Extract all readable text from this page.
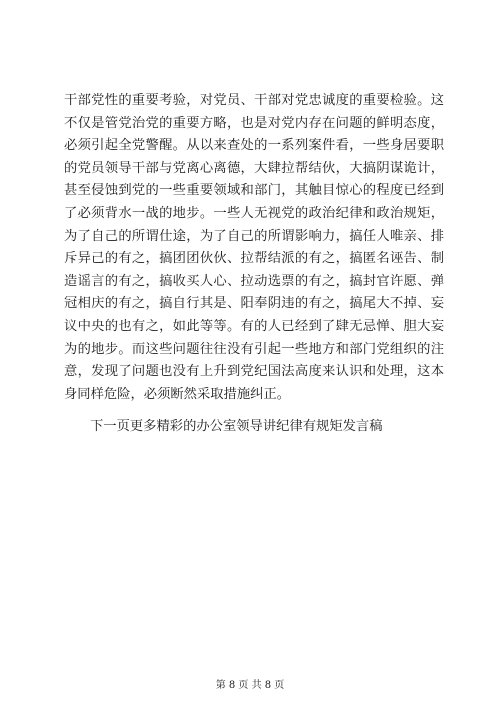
干部党性的重要考验，对党员、干部对党忠诚度的重要检验。这
不仅是管党治党的重要方略，也是对党内存在问题的鲜明态度，
必须引起全党警醒。从以来查处的一系列案件看，一些身居要职
的党员领导干部与党离心离德，大肆拉帮结伙，大搞阴谋诡计，
甚至侵蚀到党的一些重要领域和部门，其触目惊心的程度已经到
了必须背水一战的地步。一些人无视党的政治纪律和政治规矩，
为了自己的所谓仕途，为了自己的所谓影响力，搞任人唯亲、排
斥异己的有之，搞团团伙伙、拉帮结派的有之，搞匿名诬告、制
造谣言的有之，搞收买人心、拉动选票的有之，搞封官许愿、弹
冠相庆的有之，搞自行其是、阳奉阴违的有之，搞尾大不掉、妄
议中央的也有之，如此等等。有的人已经到了肆无忌惮、胆大妄
为的地步。而这些问题往往没有引起一些地方和部门党组织的注
意，发现了问题也没有上升到党纪国法高度来认识和处理，这本
身同样危险，必须断然采取措施纠正。
下一页更多精彩的办公室领导讲纪律有规矩发言稿
第 8 页 共 8 页
